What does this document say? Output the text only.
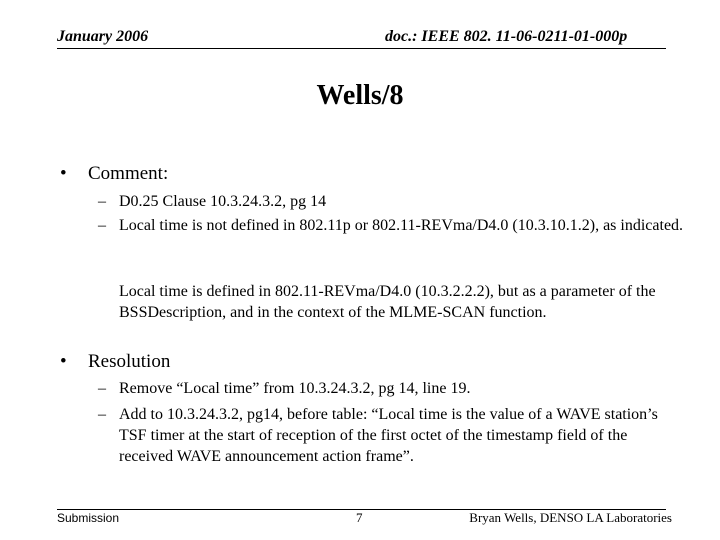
January 2006	doc.: IEEE 802. 11-06-0211-01-000p
Wells/8
• Comment:
– D0.25 Clause 10.3.24.3.2, pg 14
– Local time is not defined in 802.11p or 802.11-REVma/D4.0 (10.3.10.1.2), as indicated.
Local time is defined in 802.11-REVma/D4.0 (10.3.2.2.2), but as a parameter of the BSSDescription, and in the context of the MLME-SCAN function.
• Resolution
– Remove “Local time” from 10.3.24.3.2, pg 14, line 19.
– Add to 10.3.24.3.2, pg14, before table: “Local time is the value of a WAVE station’s TSF timer at the start of reception of the first octet of the timestamp field of the received WAVE announcement action frame”.
Submission	7	Bryan Wells, DENSO LA Laboratories
